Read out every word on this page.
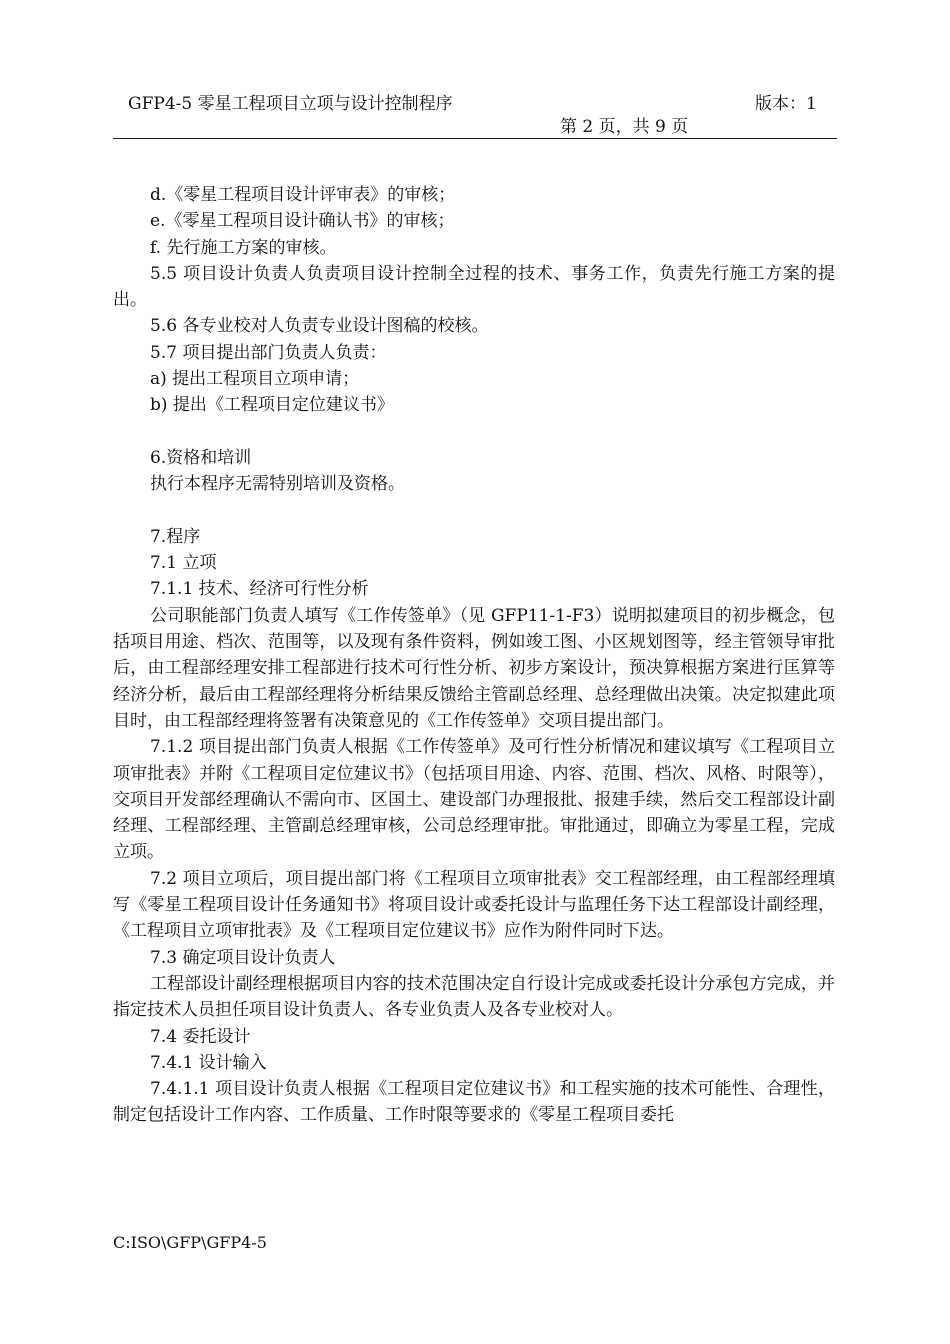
GFP4-5 零星工程项目立项与设计控制程序	版本：1
第 2 页，共 9 页

d.《零星工程项目设计评审表》的审核；

e.《零星工程项目设计确认书》的审核；

f. 先行施工方案的审核。

5.5 项目设计负责人负责项目设计控制全过程的技术、事务工作，负责先行施工方案的提出。

5.6 各专业校对人负责专业设计图稿的校核。

5.7 项目提出部门负责人负责：

a) 提出工程项目立项申请；

b) 提出《工程项目定位建议书》

6.资格和培训

执行本程序无需特别培训及资格。

7.程序

7.1 立项

7.1.1 技术、经济可行性分析

公司职能部门负责人填写《工作传签单》（见 GFP11-1-F3）说明拟建项目的初步概念，包括项目用途、档次、范围等，以及现有条件资料，例如竣工图、小区规划图等，经主管领导审批后，由工程部经理安排工程部进行技术可行性分析、初步方案设计，预决算根据方案进行匡算等经济分析，最后由工程部经理将分析结果反馈给主管副总经理、总经理做出决策。决定拟建此项目时，由工程部经理将签署有决策意见的《工作传签单》交项目提出部门。

7.1.2 项目提出部门负责人根据《工作传签单》及可行性分析情况和建议填写《工程项目立项审批表》并附《工程项目定位建议书》（包括项目用途、内容、范围、档次、风格、时限等），交项目开发部经理确认不需向市、区国土、建设部门办理报批、报建手续，然后交工程部设计副经理、工程部经理、主管副总经理审核，公司总经理审批。审批通过，即确立为零星工程，完成立项。

7.2 项目立项后，项目提出部门将《工程项目立项审批表》交工程部经理，由工程部经理填写《零星工程项目设计任务通知书》将项目设计或委托设计与监理任务下达工程部设计副经理，《工程项目立项审批表》及《工程项目定位建议书》应作为附件同时下达。

7.3 确定项目设计负责人

工程部设计副经理根据项目内容的技术范围决定自行设计完成或委托设计分承包方完成，并指定技术人员担任项目设计负责人、各专业负责人及各专业校对人。

7.4 委托设计

7.4.1 设计输入

7.4.1.1 项目设计负责人根据《工程项目定位建议书》和工程实施的技术可能性、合理性，制定包括设计工作内容、工作质量、工作时限等要求的《零星工程项目委托

C:ISO\GFP\GFP4-5
